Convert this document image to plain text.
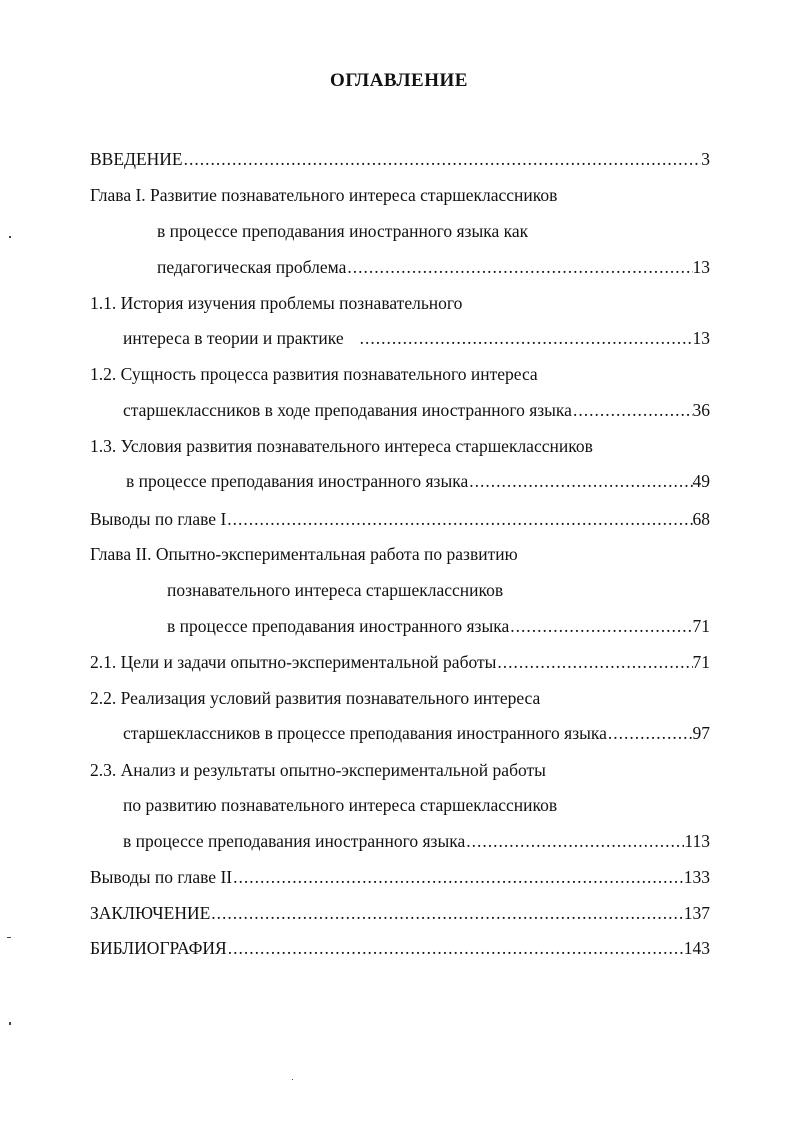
ОГЛАВЛЕНИЕ
ВВЕДЕНИЕ .....	3
Глава I. Развитие познавательного интереса старшеклассников
в процессе преподавания иностранного языка как
педагогическая проблема .....	13
1.1. История изучения проблемы познавательного
интереса в теории и практике .....	13
1.2. Сущность процесса развития познавательного интереса
старшеклассников в ходе преподавания иностранного языка .....	36
1.3. Условия развития познавательного интереса старшеклассников
в процессе преподавания иностранного языка .....	49
Выводы по главе I .....	68
Глава II. Опытно-экспериментальная работа по развитию
познавательного интереса старшеклассников
в процессе преподавания иностранного языка .....	71
2.1. Цели и задачи опытно-экспериментальной работы .....	71
2.2. Реализация условий развития познавательного интереса
старшеклассников в процессе преподавания иностранного языка .....	97
2.3. Анализ и результаты опытно-экспериментальной работы
по развитию познавательного интереса старшеклассников
в процессе преподавания иностранного языка .....	113
Выводы по главе II .....	133
ЗАКЛЮЧЕНИЕ .....	137
БИБЛИОГРАФИЯ .....	143
